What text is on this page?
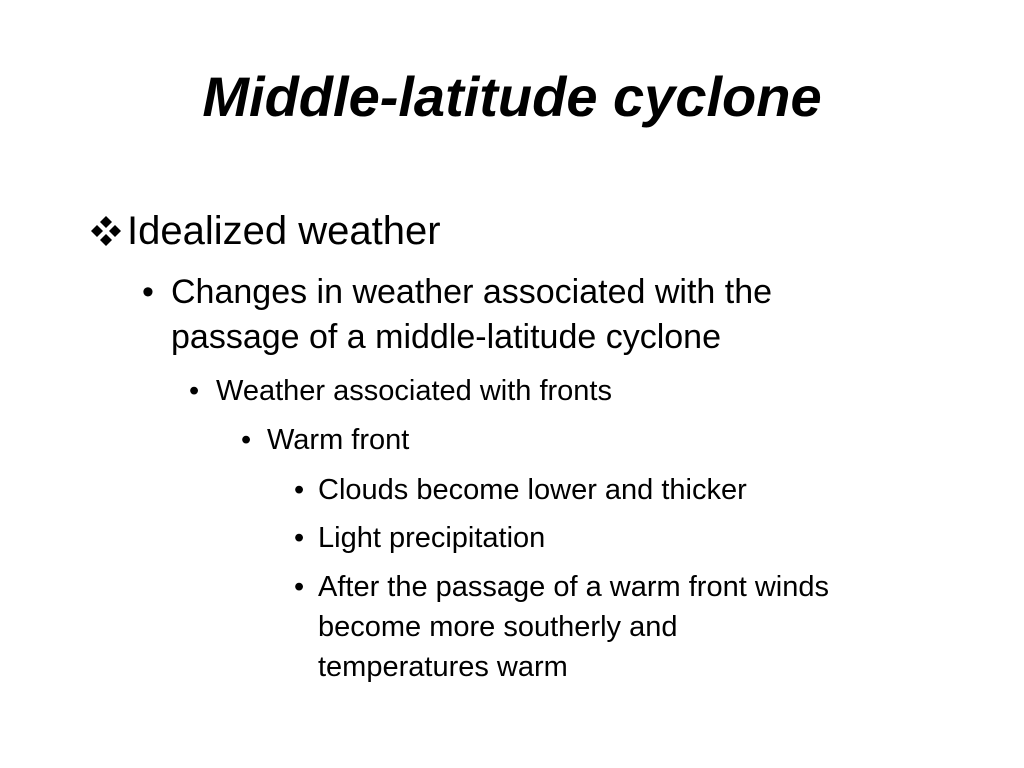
Middle-latitude cyclone
Idealized weather
• Changes in weather associated with the
passage of a middle-latitude cyclone
• Weather associated with fronts
• Warm front
• Clouds become lower and thicker
• Light precipitation
• After the passage of a warm front winds
become more southerly and
temperatures warm
